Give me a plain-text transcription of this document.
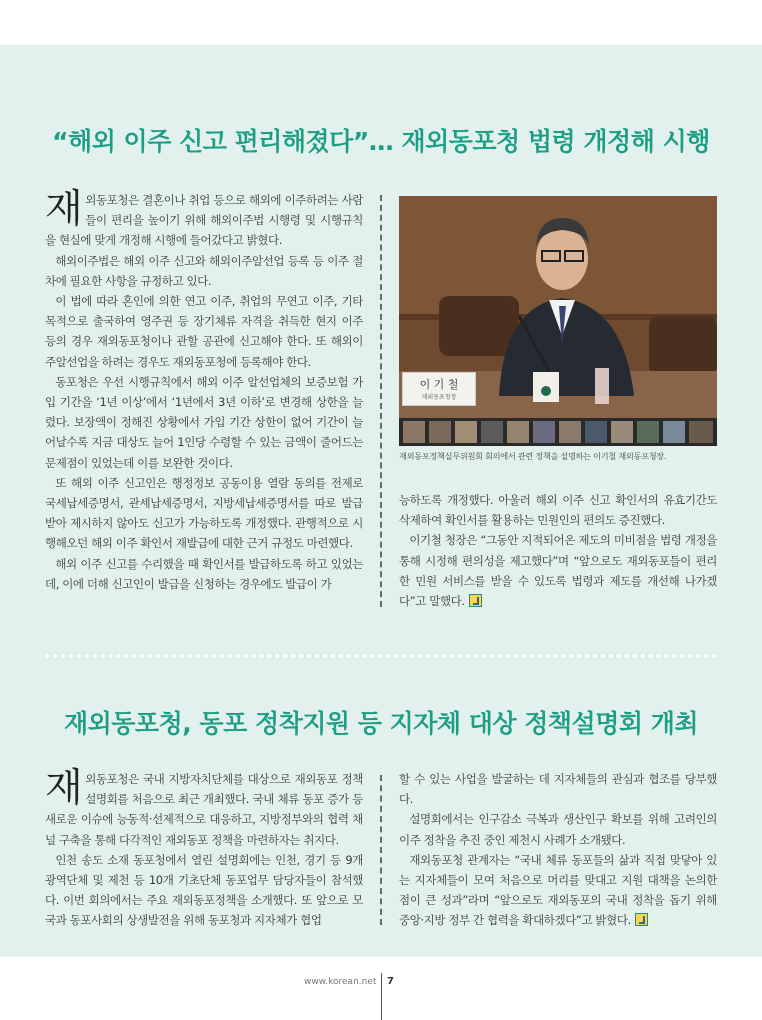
“해외 이주 신고 편리해졌다”… 재외동포청 법령 개정해 시행

재외동포청은 결혼이나 취업 등으로 해외에 이주하려는 사람들이 편리을 높이기 위해 해외이주법 시행령 및 시행규칙을 현실에 맞게 개정해 시행에 들어갔다고 밝혔다.

해외이주법은 해외 이주 신고와 해외이주알선업 등록 등 이주 절차에 필요한 사항을 규정하고 있다.

이 법에 따라 혼인에 의한 연고 이주, 취업의 무연고 이주, 기타 목적으로 출국하여 영주권 등 장기체류 자격을 취득한 현지 이주 등의 경우 재외동포청이나 관할 공관에 신고해야 한다. 또 해외이주알선업을 하려는 경우도 재외동포청에 등록해야 한다.

동포청은 우선 시행규칙에서 해외 이주 알선업체의 보증보험 가입 기간을 ‘1년 이상’에서 ‘1년에서 3년 이하’로 변경해 상한을 늘렸다. 보장액이 정해진 상황에서 가입 기간 상한이 없어 기간이 늘어날수록 지금 대상도 늘어 1인당 수령할 수 있는 금액이 줄어드는 문제점이 있었는데 이를 보완한 것이다.

또 해외 이주 신고인은 행정정보 공동이용 열람 동의를 전제로 국세납세증명서, 관세납세증명서, 지방세납세증명서를 따로 발급받아 제시하지 않아도 신고가 가능하도록 개정했다. 관행적으로 시행해오던 해외 이주 확인서 재발급에 대한 근거 규정도 마련했다.

해외 이주 신고를 수리했을 때 확인서를 발급하도록 하고 있었는데, 이에 더해 신고인이 발급을 신청하는 경우에도 발급이 가

이 기 철
재외동포청장
재외동포정책실무위원회 회의에서 관련 정책을 설명하는 이기철 재외동포청장.

능하도록 개정했다. 아울러 해외 이주 신고 확인서의 유효기간도 삭제하여 확인서를 활용하는 민원인의 편의도 증진했다.

이기철 청장은 “그동안 지적되어온 제도의 미비점을 법령 개정을 통해 시정해 편의성을 제고했다”며 “앞으로도 재외동포들이 편리한 민원 서비스를 받을 수 있도록 법령과 제도를 개선해 나가겠다”고 말했다.

재외동포청, 동포 정착지원 등 지자체 대상 정책설명회 개최

재외동포청은 국내 지방자치단체를 대상으로 재외동포 정책설명회를 처음으로 최근 개최했다. 국내 체류 동포 증가 등 새로운 이슈에 능동적·선제적으로 대응하고, 지방정부와의 협력 채널 구축을 통해 다각적인 재외동포 정책을 마련하자는 취지다.

인천 송도 소재 동포청에서 열린 설명회에는 인천, 경기 등 9개 광역단체 및 제천 등 10개 기초단체 동포업무 담당자들이 참석했다. 이번 회의에서는 주요 재외동포정책을 소개했다. 또 앞으로 모국과 동포사회의 상생발전을 위해 동포청과 지자체가 협업

할 수 있는 사업을 발굴하는 데 지자체들의 관심과 협조를 당부했다.

설명회에서는 인구감소 극복과 생산인구 확보를 위해 고려인의 이주 정착을 추진 중인 제천시 사례가 소개됐다.

재외동포청 관계자는 “국내 체류 동포들의 삶과 직접 맞닿아 있는 지자체들이 모여 처음으로 머리를 맞대고 지원 대책을 논의한 점이 큰 성과”라며 “앞으로도 재외동포의 국내 정착을 돕기 위해 중앙·지방 정부 간 협력을 확대하겠다”고 밝혔다.

www.korean.net 7
